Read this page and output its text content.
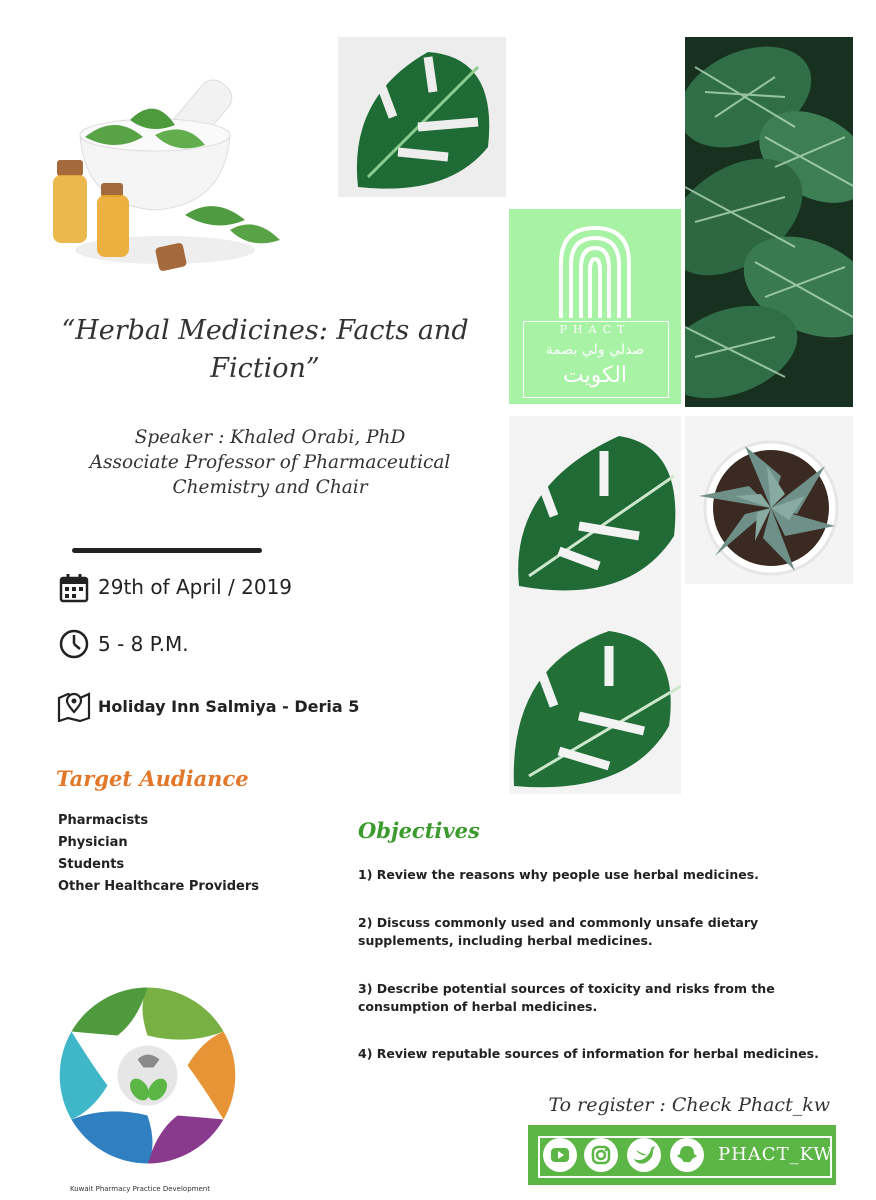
PHACT
صدلي ولي بصمة
الكويت
“Herbal Medicines: Facts and Fiction”
Speaker : Khaled Orabi, PhD
Associate Professor of Pharmaceutical
Chemistry and Chair
29th of April / 2019
5 - 8 P.M.
Holiday Inn Salmiya - Deria 5
Target Audiance
Pharmacists
Physician
Students
Other Healthcare Providers
Objectives
1) Review the reasons why people use herbal medicines.
2) Discuss commonly used and commonly unsafe dietary
supplements, including herbal medicines.
3) Describe potential sources of toxicity and risks from the
consumption of herbal medicines.
4) Review reputable sources of information for herbal medicines.
Kuwait Pharmacy Practice Development
To register : Check Phact_kw
PHACT_KW
